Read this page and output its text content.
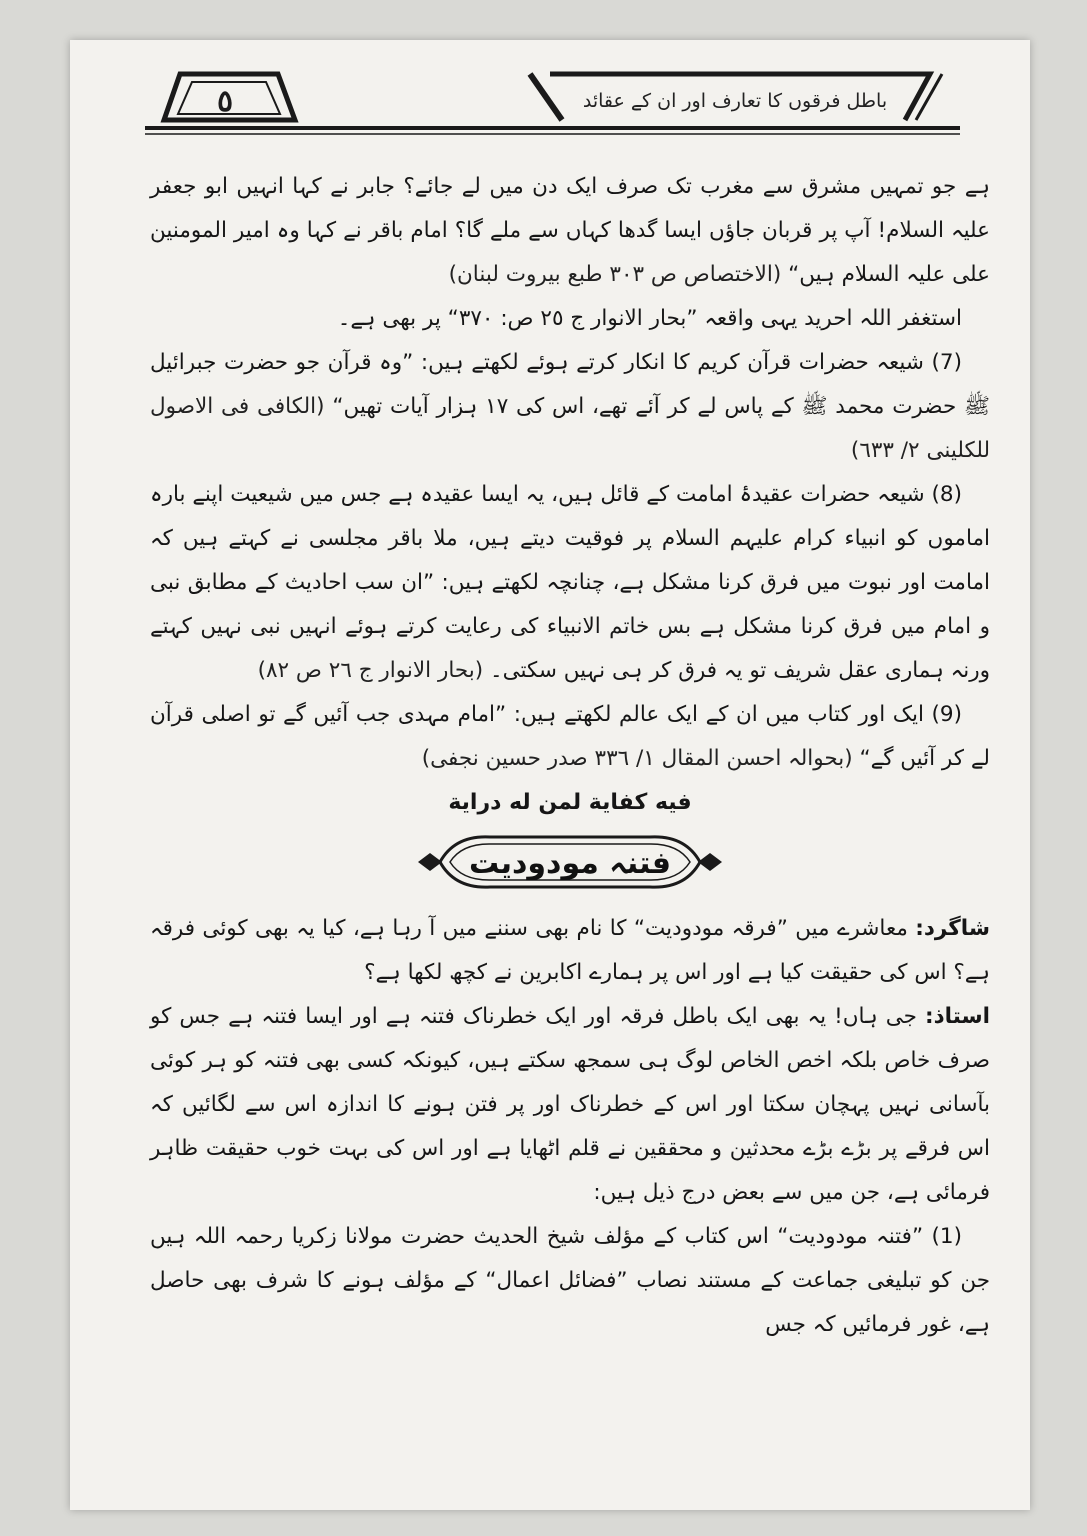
٥	باطل فرقوں کا تعارف اور ان کے عقائد

ہے جو تمہیں مشرق سے مغرب تک صرف ایک دن میں لے جائے؟ جابر نے کہا انہیں ابو جعفر علیہ السلام! آپ پر قربان جاؤں ایسا گدھا کہاں سے ملے گا؟ امام باقر نے کہا وہ امیر المومنین علی علیہ السلام ہیں“ (الاختصاص ص ٣٠٣ طبع بیروت لبنان)

استغفر اللہ احرید یہی واقعہ ”بحار الانوار ج ٢٥ ص: ٣٧٠“ پر بھی ہے۔

(7) شیعہ حضرات قرآن کریم کا انکار کرتے ہوئے لکھتے ہیں: ”وہ قرآن جو حضرت جبرائیل ﷺ حضرت محمد ﷺ کے پاس لے کر آئے تھے، اس کی ١٧ ہزار آیات تھیں“ (الکافی فی الاصول للکلینی ٢/ ٦٣٣)

(8) شیعہ حضرات عقیدۂ امامت کے قائل ہیں، یہ ایسا عقیدہ ہے جس میں شیعیت اپنے بارہ اماموں کو انبیاء کرام علیہم السلام پر فوقیت دیتے ہیں، ملا باقر مجلسی نے کہتے ہیں کہ امامت اور نبوت میں فرق کرنا مشکل ہے، چنانچہ لکھتے ہیں: ”ان سب احادیث کے مطابق نبی و امام میں فرق کرنا مشکل ہے بس خاتم الانبیاء کی رعایت کرتے ہوئے انہیں نبی نہیں کہتے ورنہ ہماری عقل شریف تو یہ فرق کر ہی نہیں سکتی۔ (بحار الانوار ج ٢٦ ص ٨٢)

(9) ایک اور کتاب میں ان کے ایک عالم لکھتے ہیں: ”امام مہدی جب آئیں گے تو اصلی قرآن لے کر آئیں گے“ (بحوالہ احسن المقال ١/ ٣٣٦ صدر حسین نجفی)

فيه كفاية لمن له دراية

فتنہ مودودیت

شاگرد: معاشرے میں ”فرقہ مودودیت“ کا نام بھی سننے میں آ رہا ہے، کیا یہ بھی کوئی فرقہ ہے؟ اس کی حقیقت کیا ہے اور اس پر ہمارے اکابرین نے کچھ لکھا ہے؟

استاذ: جی ہاں! یہ بھی ایک باطل فرقہ اور ایک خطرناک فتنہ ہے اور ایسا فتنہ ہے جس کو صرف خاص بلکہ اخص الخاص لوگ ہی سمجھ سکتے ہیں، کیونکہ کسی بھی فتنہ کو ہر کوئی بآسانی نہیں پہچان سکتا اور اس کے خطرناک اور پر فتن ہونے کا اندازہ اس سے لگائیں کہ اس فرقے پر بڑے بڑے محدثین و محققین نے قلم اٹھایا ہے اور اس کی بہت خوب حقیقت ظاہر فرمائی ہے، جن میں سے بعض درج ذیل ہیں:

(1) ”فتنہ مودودیت“ اس کتاب کے مؤلف شیخ الحدیث حضرت مولانا زکریا رحمہ اللہ ہیں جن کو تبلیغی جماعت کے مستند نصاب ”فضائل اعمال“ کے مؤلف ہونے کا شرف بھی حاصل ہے، غور فرمائیں کہ جس
